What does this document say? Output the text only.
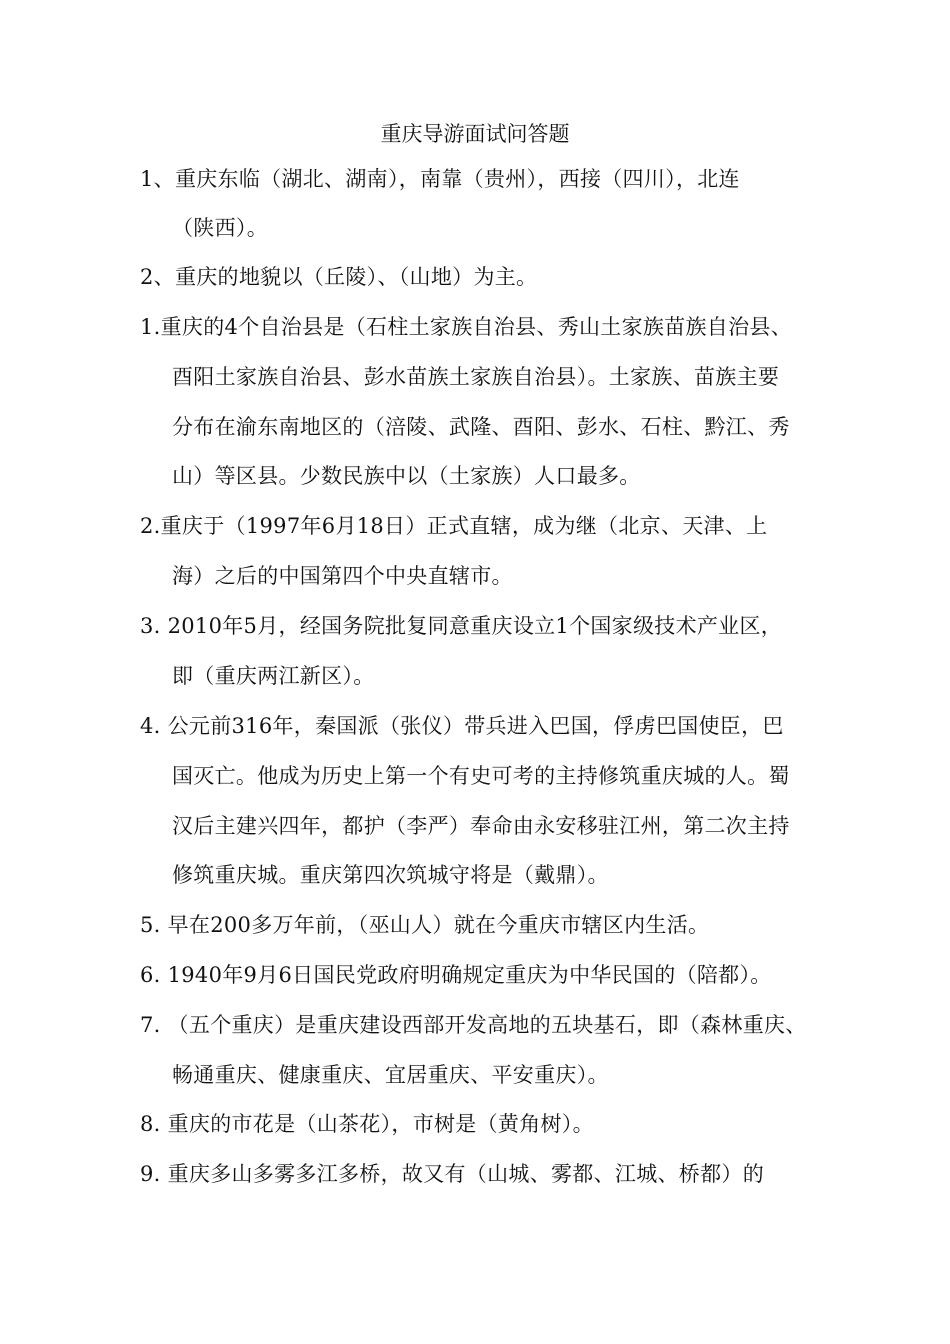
重庆导游面试问答题
1、重庆东临（湖北、湖南），南靠（贵州），西接（四川），北连
（陕西）。
2、重庆的地貌以（丘陵）、（山地）为主。
1.重庆的4个自治县是（石柱土家族自治县、秀山土家族苗族自治县、
酉阳土家族自治县、彭水苗族土家族自治县）。土家族、苗族主要
分布在渝东南地区的（涪陵、武隆、酉阳、彭水、石柱、黔江、秀
山）等区县。少数民族中以（土家族）人口最多。
2.重庆于（1997年6月18日）正式直辖，成为继（北京、天津、上
海）之后的中国第四个中央直辖市。
3. 2010年5月，经国务院批复同意重庆设立1个国家级技术产业区，
即（重庆两江新区）。
4. 公元前316年，秦国派（张仪）带兵进入巴国，俘虏巴国使臣，巴
国灭亡。他成为历史上第一个有史可考的主持修筑重庆城的人。蜀
汉后主建兴四年，都护（李严）奉命由永安移驻江州，第二次主持
修筑重庆城。重庆第四次筑城守将是（戴鼎）。
5. 早在200多万年前，（巫山人）就在今重庆市辖区内生活。
6. 1940年9月6日国民党政府明确规定重庆为中华民国的（陪都）。
7. （五个重庆）是重庆建设西部开发高地的五块基石，即（森林重庆、
畅通重庆、健康重庆、宜居重庆、平安重庆）。
8. 重庆的市花是（山茶花），市树是（黄角树）。
9. 重庆多山多雾多江多桥，故又有（山城、雾都、江城、桥都）的
